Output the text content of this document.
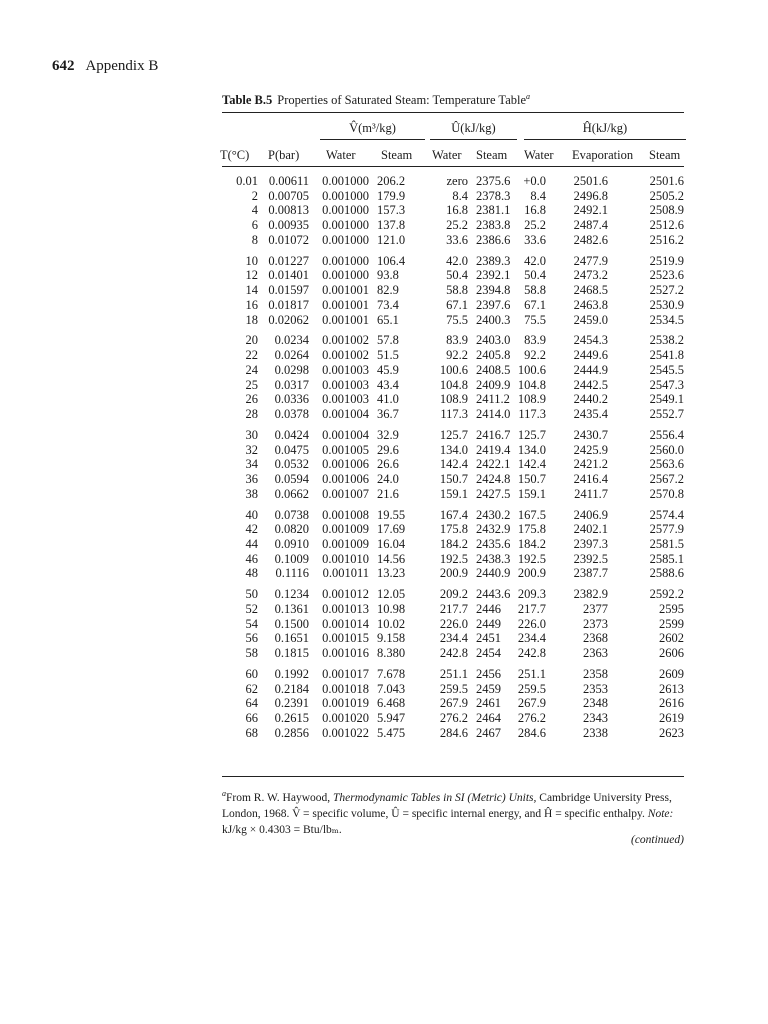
642 Appendix B
Table B.5 Properties of Saturated Steam: Temperature Table$^a$
V̂(m³/kg)	Û(kJ/kg)	Ĥ(kJ/kg)
T(°C) P(bar) Water Steam Water Steam Water Evaporation Steam
0.01 0.00611 0.001000 206.2	zero 2375.6 +0.0 2501.6	2501.6
2 0.00705 0.001000 179.9	8.4 2378.3 8.4 2496.8	2505.2
4 0.00813 0.001000 157.3	16.8 2381.1 16.8 2492.1	2508.9
6 0.00935 0.001000 137.8	25.2 2383.8 25.2 2487.4	2512.6
8 0.01072 0.001000 121.0	33.6 2386.6 33.6 2482.6	2516.2
10 0.01227 0.001000 106.4	42.0 2389.3 42.0 2477.9	2519.9
12 0.01401 0.001000 93.8	50.4 2392.1 50.4 2473.2	2523.6
14 0.01597 0.001001 82.9	58.8 2394.8 58.8 2468.5	2527.2
16 0.01817 0.001001 73.4	67.1 2397.6 67.1 2463.8	2530.9
18 0.02062 0.001001 65.1	75.5 2400.3 75.5 2459.0	2534.5
20 0.0234 0.001002 57.8	83.9 2403.0 83.9 2454.3	2538.2
22 0.0264 0.001002 51.5	92.2 2405.8 92.2 2449.6	2541.8
24 0.0298 0.001003 45.9	100.6 2408.5 100.6 2444.9	2545.5
25 0.0317 0.001003 43.4	104.8 2409.9 104.8 2442.5	2547.3
26 0.0336 0.001003 41.0	108.9 2411.2 108.9 2440.2	2549.1
28 0.0378 0.001004 36.7	117.3 2414.0 117.3 2435.4	2552.7
30 0.0424 0.001004 32.9	125.7 2416.7 125.7 2430.7	2556.4
32 0.0475 0.001005 29.6	134.0 2419.4 134.0 2425.9	2560.0
34 0.0532 0.001006 26.6	142.4 2422.1 142.4 2421.2	2563.6
36 0.0594 0.001006 24.0	150.7 2424.8 150.7 2416.4	2567.2
38 0.0662 0.001007 21.6	159.1 2427.5 159.1 2411.7	2570.8
40 0.0738 0.001008 19.55	167.4 2430.2 167.5 2406.9	2574.4
42 0.0820 0.001009 17.69	175.8 2432.9 175.8 2402.1	2577.9
44 0.0910 0.001009 16.04	184.2 2435.6 184.2 2397.3	2581.5
46 0.1009 0.001010 14.56	192.5 2438.3 192.5 2392.5	2585.1
48 0.1116 0.001011 13.23	200.9 2440.9 200.9 2387.7	2588.6
50 0.1234 0.001012 12.05	209.2 2443.6 209.3 2382.9	2592.2
52 0.1361 0.001013 10.98	217.7 2446 217.7	2377	2595
54 0.1500 0.001014 10.02	226.0 2449 226.0	2373	2599
56 0.1651 0.001015 9.158	234.4 2451 234.4	2368	2602
58 0.1815 0.001016 8.380	242.8 2454 242.8	2363	2606
60 0.1992 0.001017 7.678	251.1 2456 251.1	2358	2609
62 0.2184 0.001018 7.043	259.5 2459 259.5	2353	2613
64 0.2391 0.001019 6.468	267.9 2461 267.9	2348	2616
66 0.2615 0.001020 5.947	276.2 2464 276.2	2343	2619
68 0.2856 0.001022 5.475	284.6 2467 284.6	2338	2623

$^a$From R. W. Haywood, Thermodynamic Tables in SI (Metric) Units, Cambridge University Press, London, 1968. V̂ = specific volume, Û = specific internal energy, and Ĥ = specific enthalpy. Note: kJ/kg × 0.4303 = Btu/lbₘ.

(continued)
